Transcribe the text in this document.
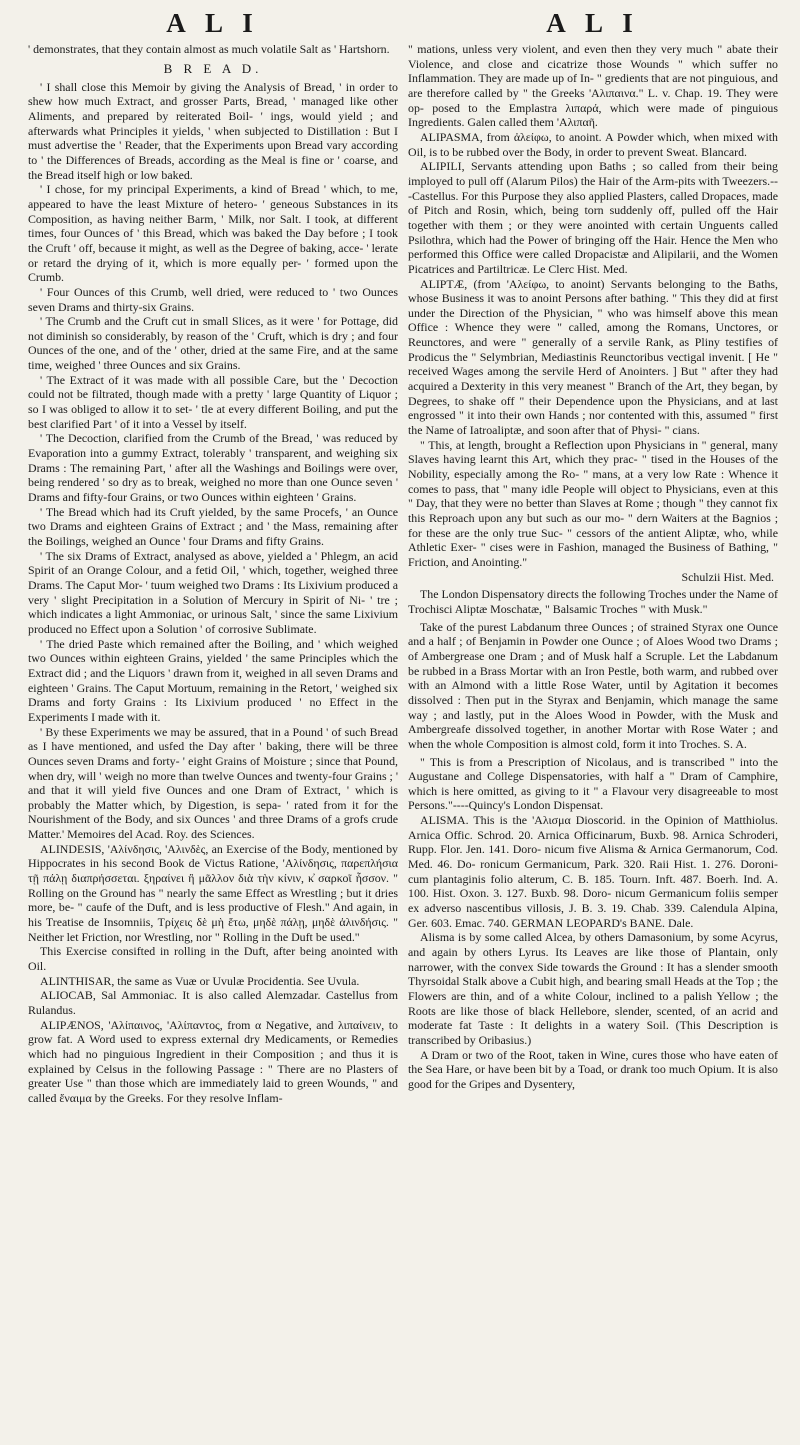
A L I	A L I

' demonstrates, that they contain almost as much volatile Salt as ' Hartshorn.

B R E A D.

' I shall close this Memoir by giving the Analysis of Bread, ' in order to shew how much Extract, and grosser Parts, Bread, ' managed like other Aliments, and prepared by reiterated Boil- ' ings, would yield ; and afterwards what Principles it yields, ' when subjected to Distillation : But I must advertise the ' Reader, that the Experiments upon Bread vary according to ' the Differences of Breads, according as the Meal is fine or ' coarse, and the Bread itself high or low baked.

' I chose, for my principal Experiments, a kind of Bread ' which, to me, appeared to have the least Mixture of hetero- ' geneous Substances in its Composition, as having neither Barm, ' Milk, nor Salt. I took, at different times, four Ounces of ' this Bread, which was baked the Day before ; I took the Cruft ' off, because it might, as well as the Degree of baking, acce- ' lerate or retard the drying of it, which is more equally per- ' formed upon the Crumb.

' Four Ounces of this Crumb, well dried, were reduced to ' two Ounces seven Drams and thirty-six Grains.

' The Crumb and the Cruft cut in small Slices, as it were ' for Pottage, did not diminish so considerably, by reason of the ' Cruft, which is dry ; and four Ounces of the one, and of the ' other, dried at the same Fire, and at the same time, weighed ' three Ounces and six Grains.

' The Extract of it was made with all possible Care, but the ' Decoction could not be filtrated, though made with a pretty ' large Quantity of Liquor ; so I was obliged to allow it to set- ' tle at every different Boiling, and put the best clarified Part ' of it into a Vessel by itself.

' The Decoction, clarified from the Crumb of the Bread, ' was reduced by Evaporation into a gummy Extract, tolerably ' transparent, and weighing six Drams : The remaining Part, ' after all the Washings and Boilings were over, being rendered ' so dry as to break, weighed no more than one Ounce seven ' Drams and fifty-four Grains, or two Ounces within eighteen ' Grains.

' The Bread which had its Cruft yielded, by the same Procefs, ' an Ounce two Drams and eighteen Grains of Extract ; and ' the Mass, remaining after the Boilings, weighed an Ounce ' four Drams and fifty Grains.

' The six Drams of Extract, analysed as above, yielded a ' Phlegm, an acid Spirit of an Orange Colour, and a fetid Oil, ' which, together, weighed three Drams. The Caput Mor- ' tuum weighed two Drams : Its Lixivium produced a very ' slight Precipitation in a Solution of Mercury in Spirit of Ni- ' tre ; which indicates a light Ammoniac, or urinous Salt, ' since the same Lixivium produced no Effect upon a Solution ' of corrosive Sublimate.

' The dried Paste which remained after the Boiling, and ' which weighed two Ounces within eighteen Grains, yielded ' the same Principles which the Extract did ; and the Liquors ' drawn from it, weighed in all seven Drams and eighteen ' Grains. The Caput Mortuum, remaining in the Retort, ' weighed six Drams and forty Grains : Its Lixivium produced ' no Effect in the Experiments I made with it.

' By these Experiments we may be assured, that in a Pound ' of such Bread as I have mentioned, and usfed the Day after ' baking, there will be three Ounces seven Drams and forty- ' eight Grains of Moisture ; since that Pound, when dry, will ' weigh no more than twelve Ounces and twenty-four Grains ; ' and that it will yield five Ounces and one Dram of Extract, ' which is probably the Matter which, by Digestion, is sepa- ' rated from it for the Nourishment of the Body, and six Ounces ' and three Drams of a grofs crude Matter.' Memoires del Acad. Roy. des Sciences.

ALINDESIS, 'Αλίνδησις, 'Αλινδὲς, an Exercise of the Body, mentioned by Hippocrates in his second Book de Victus Ratione, 'Αλίνδησις, παρεπλήσια τῇ πάλῃ διαπρήσσεται. ξηραίνει ἢ μᾶλλον διὰ τὴν κίνιν, κ̓ σαρκοῖ ἧσσον. " Rolling on the Ground has " nearly the same Effect as Wrestling ; but it dries more, be- " caufe of the Duft, and is less productive of Flesh." And again, in his Treatise de Insomniis, Τρίχεις δὲ μὴ ἔτω, μηδὲ πάλῃ, μηδὲ ἀλινδήσις. " Neither let Friction, nor Wrestling, nor " Rolling in the Duft be used."

This Exercise consifted in rolling in the Duft, after being anointed with Oil.

ALINTHISAR, the same as Vuæ or Uvulæ Procidentia. See Uvula.

ALIOCAB, Sal Ammoniac. It is also called Alemzadar. Castellus from Rulandus.

ALIPÆNOS, 'Αλίπαινος, 'Αλίπαντος, from α Negative, and λιπαίνειν, to grow fat. A Word used to express external dry Medicaments, or Remedies which had no pinguious Ingredient in their Composition ; and thus it is explained by Celsus in the following Passage : " There are no Plasters of greater Use " than those which are immediately laid to green Wounds, " and called ἔναιμα by the Greeks. For they resolve Inflam-

" mations, unless very violent, and even then they very much " abate their Violence, and close and cicatrize those Wounds " which suffer no Inflammation. They are made up of In- " gredients that are not pinguious, and are therefore called by " the Greeks 'Αλιπαινα." L. v. Chap. 19. They were op- posed to the Emplastra λιπαρά, which were made of pinguious Ingredients. Galen called them 'Αλιπαῆ.

ALIPASMA, from ἀλείφω, to anoint. A Powder which, when mixed with Oil, is to be rubbed over the Body, in order to prevent Sweat. Blancard.

ALIPILI, Servants attending upon Baths ; so called from their being imployed to pull off (Alarum Pilos) the Hair of the Arm-pits with Tweezers.---Castellus. For this Purpose they also applied Plasters, called Dropaces, made of Pitch and Rosin, which, being torn suddenly off, pulled off the Hair together with them ; or they were anointed with certain Unguents called Psilothra, which had the Power of bringing off the Hair. Hence the Men who performed this Office were called Dropacistæ and Alipilarii, and the Women Picatrices and Partiltricæ. Le Clerc Hist. Med.

ALIPTÆ, (from 'Αλείφω, to anoint) Servants belonging to the Baths, whose Business it was to anoint Persons after bathing. " This they did at first under the Direction of the Physician, " who was himself above this mean Office : Whence they were " called, among the Romans, Unctores, or Reunctores, and were " generally of a servile Rank, as Pliny testifies of Prodicus the " Selymbrian, Mediastinis Reunctoribus vectigal invenit. [ He " received Wages among the servile Herd of Anointers. ] But " after they had acquired a Dexterity in this very meanest " Branch of the Art, they began, by Degrees, to shake off " their Dependence upon the Physicians, and at last engrossed " it into their own Hands ; nor contented with this, assumed " first the Name of Iatroaliptæ, and soon after that of Physi- " cians.

" This, at length, brought a Reflection upon Physicians in " general, many Slaves having learnt this Art, which they prac- " tised in the Houses of the Nobility, especially among the Ro- " mans, at a very low Rate : Whence it comes to pass, that " many idle People will object to Physicians, even at this " Day, that they were no better than Slaves at Rome ; though " they cannot fix this Reproach upon any but such as our mo- " dern Waiters at the Bagnios ; for these are the only true Suc- " cessors of the antient Aliptæ, who, while Athletic Exer- " cises were in Fashion, managed the Business of Bathing, " Friction, and Anointing."

Schulzii Hist. Med.

The London Dispensatory directs the following Troches under the Name of Trochisci Aliptæ Moschatæ, " Balsamic Troches " with Musk."

Take of the purest Labdanum three Ounces ; of strained Styrax one Ounce and a half ; of Benjamin in Powder one Ounce ; of Aloes Wood two Drams ; of Ambergrease one Dram ; and of Musk half a Scruple. Let the Labdanum be rubbed in a Brass Mortar with an Iron Pestle, both warm, and rubbed over with an Almond with a little Rose Water, until by Agitation it becomes dissolved : Then put in the Styrax and Benjamin, which manage the same way ; and lastly, put in the Aloes Wood in Powder, with the Musk and Ambergreafe dissolved together, in another Mortar with Rose Water ; and when the whole Composition is almost cold, form it into Troches. S. A.

" This is from a Prescription of Nicolaus, and is transcribed " into the Augustane and College Dispensatories, with half a " Dram of Camphire, which is here omitted, as giving to it " a Flavour very disagreeable to most Persons."----Quincy's London Dispensat.

ALISMA. This is the 'Αλισμα Dioscorid. in the Opinion of Matthiolus. Arnica Offic. Schrod. 20. Arnica Officinarum, Buxb. 98. Arnica Schroderi, Rupp. Flor. Jen. 141. Doro- nicum five Alisma & Arnica Germanorum, Cod. Med. 46. Do- ronicum Germanicum, Park. 320. Raii Hist. 1. 276. Doroni- cum plantaginis folio alterum, C. B. 185. Tourn. Inft. 487. Boerh. Ind. A. 100. Hist. Oxon. 3. 127. Buxb. 98. Doro- nicum Germanicum foliis semper ex adverso nascentibus villosis, J. B. 3. 19. Chab. 339. Calendula Alpina, Ger. 603. Emac. 740. GERMAN LEOPARD's BANE. Dale.

Alisma is by some called Alcea, by others Damasonium, by some Acyrus, and again by others Lyrus. Its Leaves are like those of Plantain, only narrower, with the convex Side towards the Ground : It has a slender smooth Thyrsoidal Stalk above a Cubit high, and bearing small Heads at the Top ; the Flowers are thin, and of a white Colour, inclined to a palish Yellow ; the Roots are like those of black Hellebore, slender, scented, of an acrid and moderate fat Taste : It delights in a watery Soil. (This Description is transcribed by Oribasius.)

A Dram or two of the Root, taken in Wine, cures those who have eaten of the Sea Hare, or have been bit by a Toad, or drank too much Opium. It is also good for the Gripes and Dysentery,
